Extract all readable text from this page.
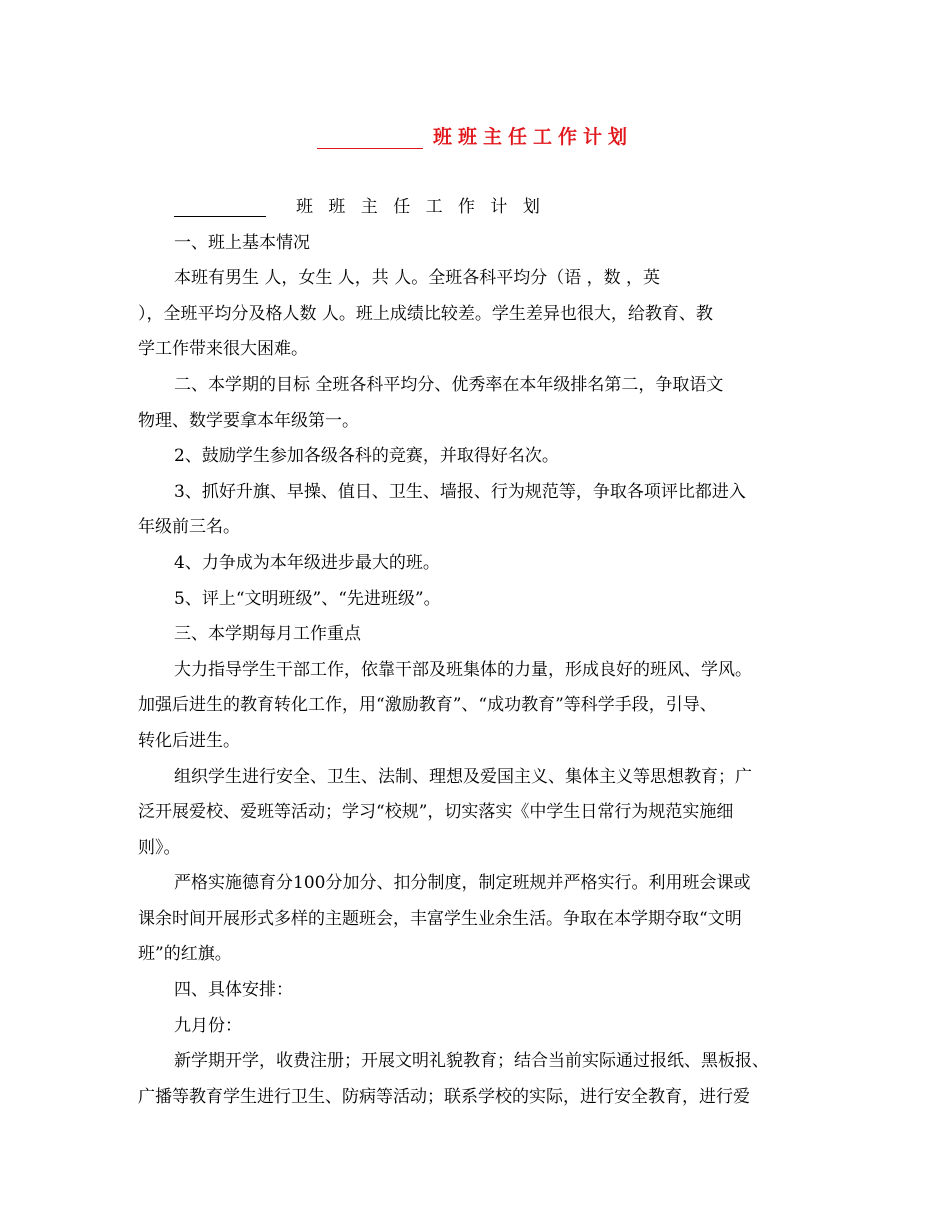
班班主任工作计划
班 班 主 任 工 作 计 划
一、班上基本情况
本班有男生 人，女生 人，共 人。全班各科平均分（语 ，数 ，英
），全班平均分及格人数 人。班上成绩比较差。学生差异也很大，给教育、教
学工作带来很大困难。
二、本学期的目标 全班各科平均分、优秀率在本年级排名第二，争取语文
物理、数学要拿本年级第一。
2、鼓励学生参加各级各科的竞赛，并取得好名次。
3、抓好升旗、早操、值日、卫生、墙报、行为规范等，争取各项评比都进入
年级前三名。
4、力争成为本年级进步最大的班。
5、评上“文明班级”、“先进班级”。
三、本学期每月工作重点
大力指导学生干部工作，依靠干部及班集体的力量，形成良好的班风、学风。
加强后进生的教育转化工作，用“激励教育”、“成功教育”等科学手段，引导、
转化后进生。
组织学生进行安全、卫生、法制、理想及爱国主义、集体主义等思想教育；广
泛开展爱校、爱班等活动；学习“校规”，切实落实《中学生日常行为规范实施细
则》。
严格实施德育分100分加分、扣分制度，制定班规并严格实行。利用班会课或
课余时间开展形式多样的主题班会，丰富学生业余生活。争取在本学期夺取“文明
班”的红旗。
四、具体安排：
九月份：
新学期开学，收费注册；开展文明礼貌教育；结合当前实际通过报纸、黑板报、
广播等教育学生进行卫生、防病等活动；联系学校的实际，进行安全教育，进行爱
